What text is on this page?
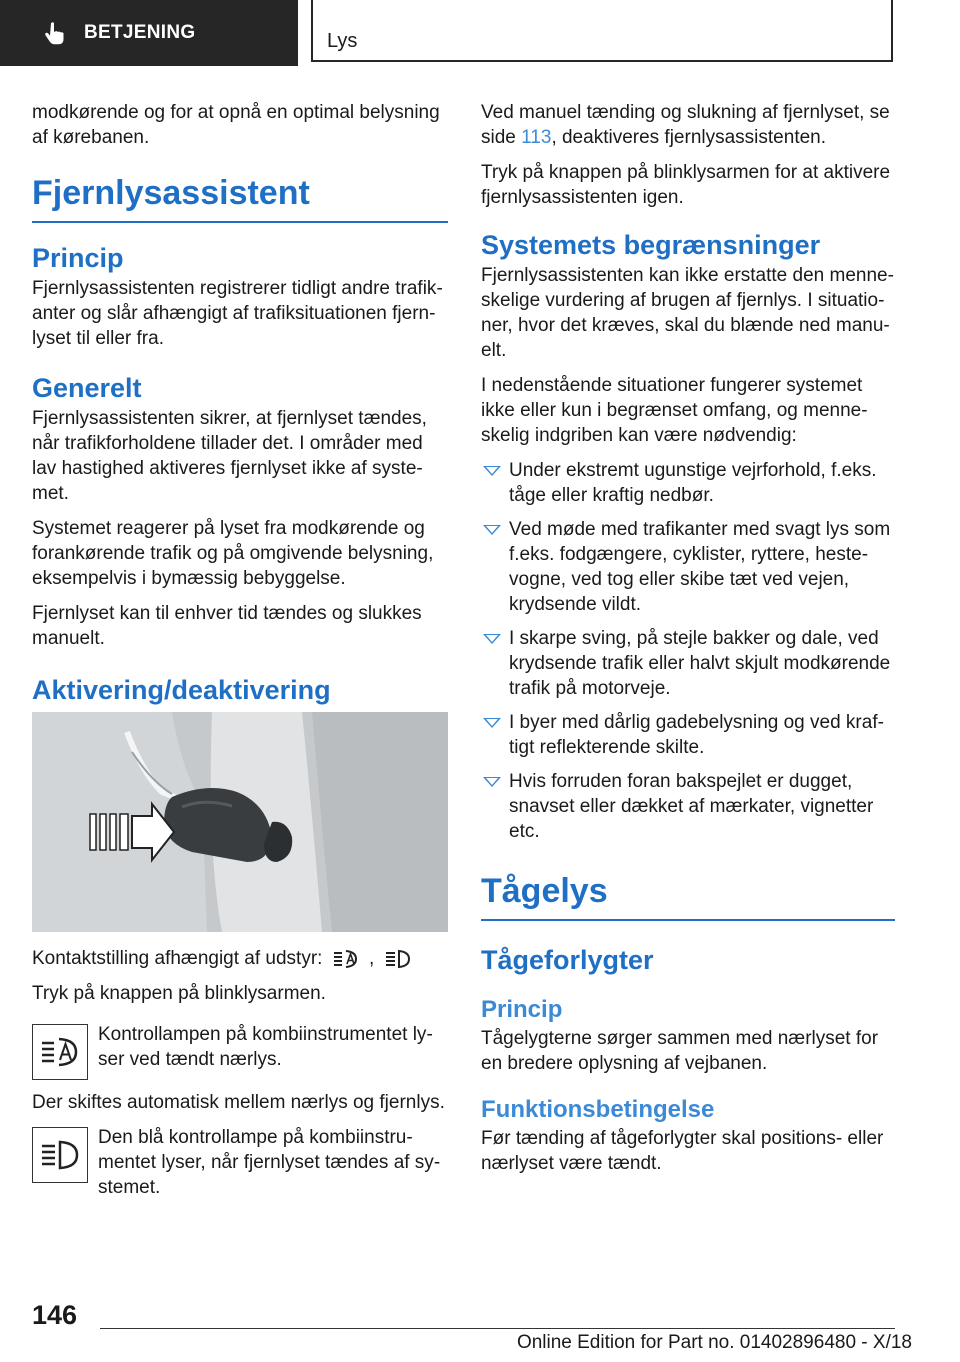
BETJENING	Lys

modkørende og for at opnå en optimal belysning af kørebanen.

Fjernlysassistent
Princip

Fjernlysassistenten registrerer tidligt andre trafikanter og slår afhængigt af trafiksituationen fjernlyset til eller fra.

Generelt

Fjernlysassistenten sikrer, at fjernlyset tændes, når trafikforholdene tillader det. I områder med lav hastighed aktiveres fjernlyset ikke af systemet.

Systemet reagerer på lyset fra modkørende og forankørende trafik og på omgivende belysning, eksempelvis i bymæssig bebyggelse.

Fjernlyset kan til enhver tid tændes og slukkes manuelt.

Aktivering/deaktivering

Kontaktstilling afhængigt af udstyr: ,

Tryk på knappen på blinklysarmen.

Kontrollampen på kombiinstrumentet lyser ved tændt nærlys.

Der skiftes automatisk mellem nærlys og fjernlys.

Den blå kontrollampe på kombiinstrumentet lyser, når fjernlyset tændes af systemet.

Ved manuel tænding og slukning af fjernlyset, se side 113, deaktiveres fjernlysassistenten.

Tryk på knappen på blinklysarmen for at aktivere fjernlysassistenten igen.

Systemets begrænsninger

Fjernlysassistenten kan ikke erstatte den menneskelige vurdering af brugen af fjernlys. I situationer, hvor det kræves, skal du blænde ned manuelt.

I nedenstående situationer fungerer systemet ikke eller kun i begrænset omfang, og menneskelig indgriben kan være nødvendig:

Under ekstremt ugunstige vejrforhold, f.eks. tåge eller kraftig nedbør.
Ved møde med trafikanter med svagt lys som f.eks. fodgængere, cyklister, ryttere, hestevogne, ved tog eller skibe tæt ved vejen, krydsende vildt.
I skarpe sving, på stejle bakker og dale, ved krydsende trafik eller halvt skjult modkørende trafik på motorveje.
I byer med dårlig gadebelysning og ved kraftigt reflekterende skilte.
Hvis forruden foran bakspejlet er dugget, snavset eller dækket af mærkater, vignetter etc.
Tågelys
Tågeforlygter
Princip

Tågelygterne sørger sammen med nærlyset for en bredere oplysning af vejbanen.

Funktionsbetingelse

Før tænding af tågeforlygter skal positions- eller nærlyset være tændt.

146
Online Edition for Part no. 01402896480 - X/18
